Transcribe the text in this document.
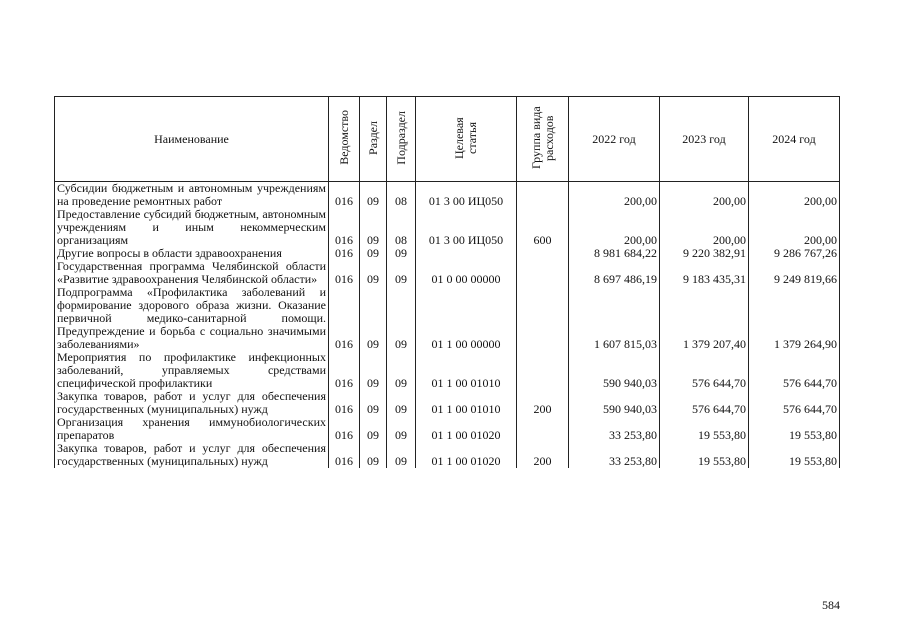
Наименование	Ведомство	Раздел	Подраздел	Целевая статья	Группа вида расходов	2022 год	2023 год	2024 год
Субсидии бюджетным и автономным учреждениям на проведение ремонтных работ	016	09	08	01 3 00 ИЦ050		200,00	200,00	200,00
Предоставление субсидий бюджетным, автономным учреждениям и иным некоммерческим организациям	016	09	08	01 3 00 ИЦ050	600	200,00	200,00	200,00
Другие вопросы в области здравоохранения	016	09	09			8 981 684,22	9 220 382,91	9 286 767,26
Государственная программа Челябинской области «Развитие здравоохранения Челябинской области»	016	09	09	01 0 00 00000		8 697 486,19	9 183 435,31	9 249 819,66
Подпрограмма «Профилактика заболеваний и формирование здорового образа жизни. Оказание первичной медико-санитарной помощи. Предупреждение и борьба с социально значимыми заболеваниями»	016	09	09	01 1 00 00000		1 607 815,03	1 379 207,40	1 379 264,90
Мероприятия по профилактике инфекционных заболеваний, управляемых средствами специфической профилактики	016	09	09	01 1 00 01010		590 940,03	576 644,70	576 644,70
Закупка товаров, работ и услуг для обеспечения государственных (муниципальных) нужд	016	09	09	01 1 00 01010	200	590 940,03	576 644,70	576 644,70
Организация хранения иммунобиологических препаратов	016	09	09	01 1 00 01020		33 253,80	19 553,80	19 553,80
Закупка товаров, работ и услуг для обеспечения государственных (муниципальных) нужд	016	09	09	01 1 00 01020	200	33 253,80	19 553,80	19 553,80
584
